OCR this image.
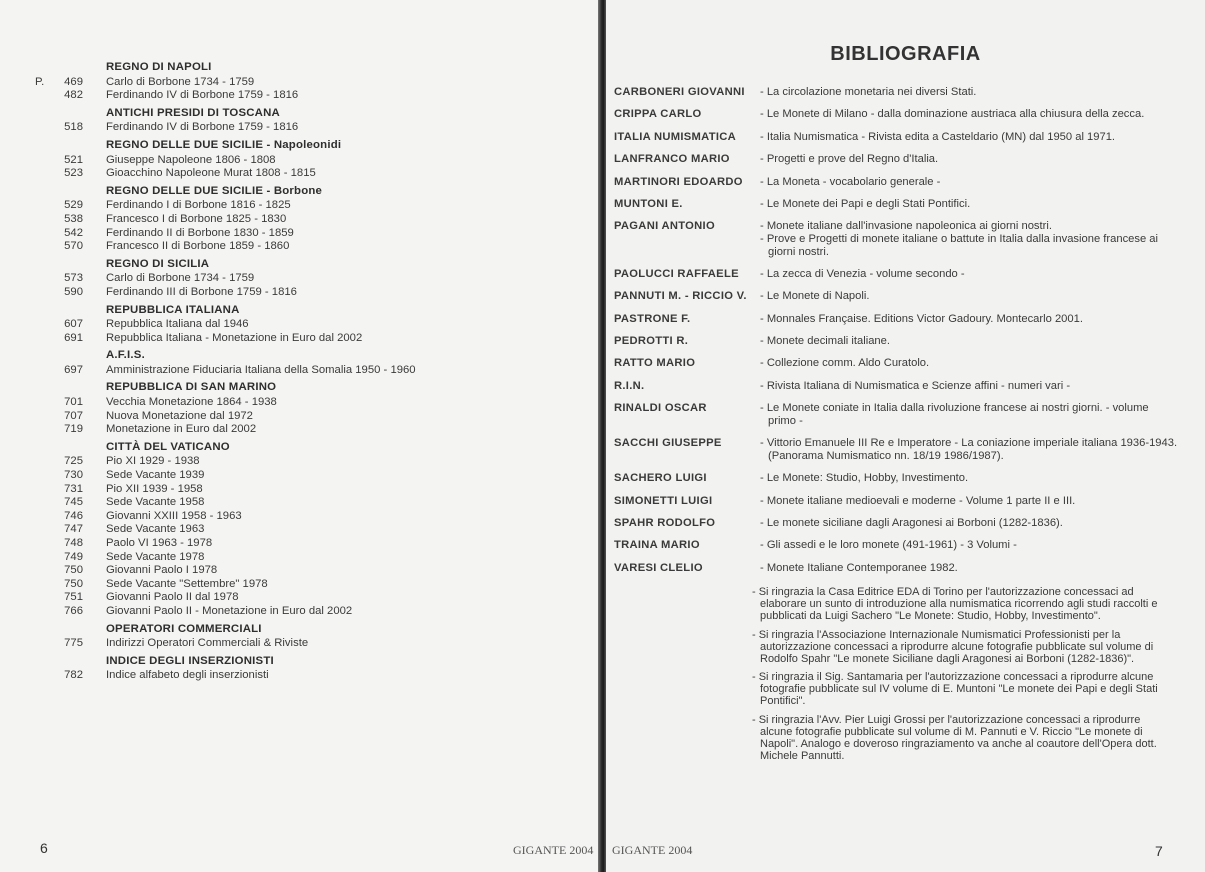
REGNO DI NAPOLI
P.	469	Carlo di Borbone 1734 - 1759
482	Ferdinando IV di Borbone 1759 - 1816
ANTICHI PRESIDI DI TOSCANA
518	Ferdinando IV di Borbone 1759 - 1816
REGNO DELLE DUE SICILIE - Napoleonidi
521	Giuseppe Napoleone 1806 - 1808
523	Gioacchino Napoleone Murat 1808 - 1815
REGNO DELLE DUE SICILIE - Borbone
529	Ferdinando I di Borbone 1816 - 1825
538	Francesco I di Borbone 1825 - 1830
542	Ferdinando II di Borbone 1830 - 1859
570	Francesco II di Borbone 1859 - 1860
REGNO DI SICILIA
573	Carlo di Borbone 1734 - 1759
590	Ferdinando III di Borbone 1759 - 1816
REPUBBLICA ITALIANA
607	Repubblica Italiana dal 1946
691	Repubblica Italiana - Monetazione in Euro dal 2002
A.F.I.S.
697	Amministrazione Fiduciaria Italiana della Somalia 1950 - 1960
REPUBBLICA DI SAN MARINO
701	Vecchia Monetazione 1864 - 1938
707	Nuova Monetazione dal 1972
719	Monetazione in Euro dal 2002
CITTÀ DEL VATICANO
725	Pio XI 1929 - 1938
730	Sede Vacante 1939
731	Pio XII 1939 - 1958
745	Sede Vacante 1958
746	Giovanni XXIII 1958 - 1963
747	Sede Vacante 1963
748	Paolo VI 1963 - 1978
749	Sede Vacante 1978
750	Giovanni Paolo I 1978
750	Sede Vacante "Settembre" 1978
751	Giovanni Paolo II dal 1978
766	Giovanni Paolo II - Monetazione in Euro dal 2002
OPERATORI COMMERCIALI
775	Indirizzi Operatori Commerciali & Riviste
INDICE DEGLI INSERZIONISTI
782	Indice alfabeto degli inserzionisti
6	GIGANTE 2004
BIBLIOGRAFIA
CARBONERI GIOVANNI	- La circolazione monetaria nei diversi Stati.
CRIPPA CARLO	- Le Monete di Milano - dalla dominazione austriaca alla chiusura della zecca.
ITALIA NUMISMATICA	- Italia Numismatica - Rivista edita a Casteldario (MN) dal 1950 al 1971.
LANFRANCO MARIO	- Progetti e prove del Regno d'Italia.
MARTINORI EDOARDO	- La Moneta - vocabolario generale -
MUNTONI E.	- Le Monete dei Papi e degli Stati Pontifici.
PAGANI ANTONIO	- Monete italiane dall'invasione napoleonica ai giorni nostri.
- Prove e Progetti di monete italiane o battute in Italia dalla invasione francese ai giorni nostri.
PAOLUCCI RAFFAELE	- La zecca di Venezia - volume secondo -
PANNUTI M. - RICCIO V.	- Le Monete di Napoli.
PASTRONE F.	- Monnales Française. Editions Victor Gadoury. Montecarlo 2001.
PEDROTTI R.	- Monete decimali italiane.
RATTO MARIO	- Collezione comm. Aldo Curatolo.
R.I.N.	- Rivista Italiana di Numismatica e Scienze affini - numeri vari -
RINALDI OSCAR	- Le Monete coniate in Italia dalla rivoluzione francese ai nostri giorni. - volume primo -
SACCHI GIUSEPPE	- Vittorio Emanuele III Re e Imperatore - La coniazione imperiale italiana 1936-1943. (Panorama Numismatico nn. 18/19 1986/1987).
SACHERO LUIGI	- Le Monete: Studio, Hobby, Investimento.
SIMONETTI LUIGI	- Monete italiane medioevali e moderne - Volume 1 parte II e III.
SPAHR RODOLFO	- Le monete siciliane dagli Aragonesi ai Borboni (1282-1836).
TRAINA MARIO	- Gli assedi e le loro monete (491-1961) - 3 Volumi -
VARESI CLELIO	- Monete Italiane Contemporanee 1982.
- Si ringrazia la Casa Editrice EDA di Torino per l'autorizzazione concessaci ad elaborare un sunto di introduzione alla numismatica ricorrendo agli studi raccolti e pubblicati da Luigi Sachero "Le Monete: Studio, Hobby, Investimento".
- Si ringrazia l'Associazione Internazionale Numismatici Professionisti per la autorizzazione concessaci a riprodurre alcune fotografie pubblicate sul volume di Rodolfo Spahr "Le monete Siciliane dagli Aragonesi ai Borboni (1282-1836)".
- Si ringrazia il Sig. Santamaria per l'autorizzazione concessaci a riprodurre alcune fotografie pubblicate sul IV volume di E. Muntoni "Le monete dei Papi e degli Stati Pontifici".
- Si ringrazia l'Avv. Pier Luigi Grossi per l'autorizzazione concessaci a riprodurre alcune fotografie pubblicate sul volume di M. Pannuti e V. Riccio "Le monete di Napoli". Analogo e doveroso ringraziamento va anche al coautore dell'Opera dott. Michele Pannutti.
GIGANTE 2004	7
